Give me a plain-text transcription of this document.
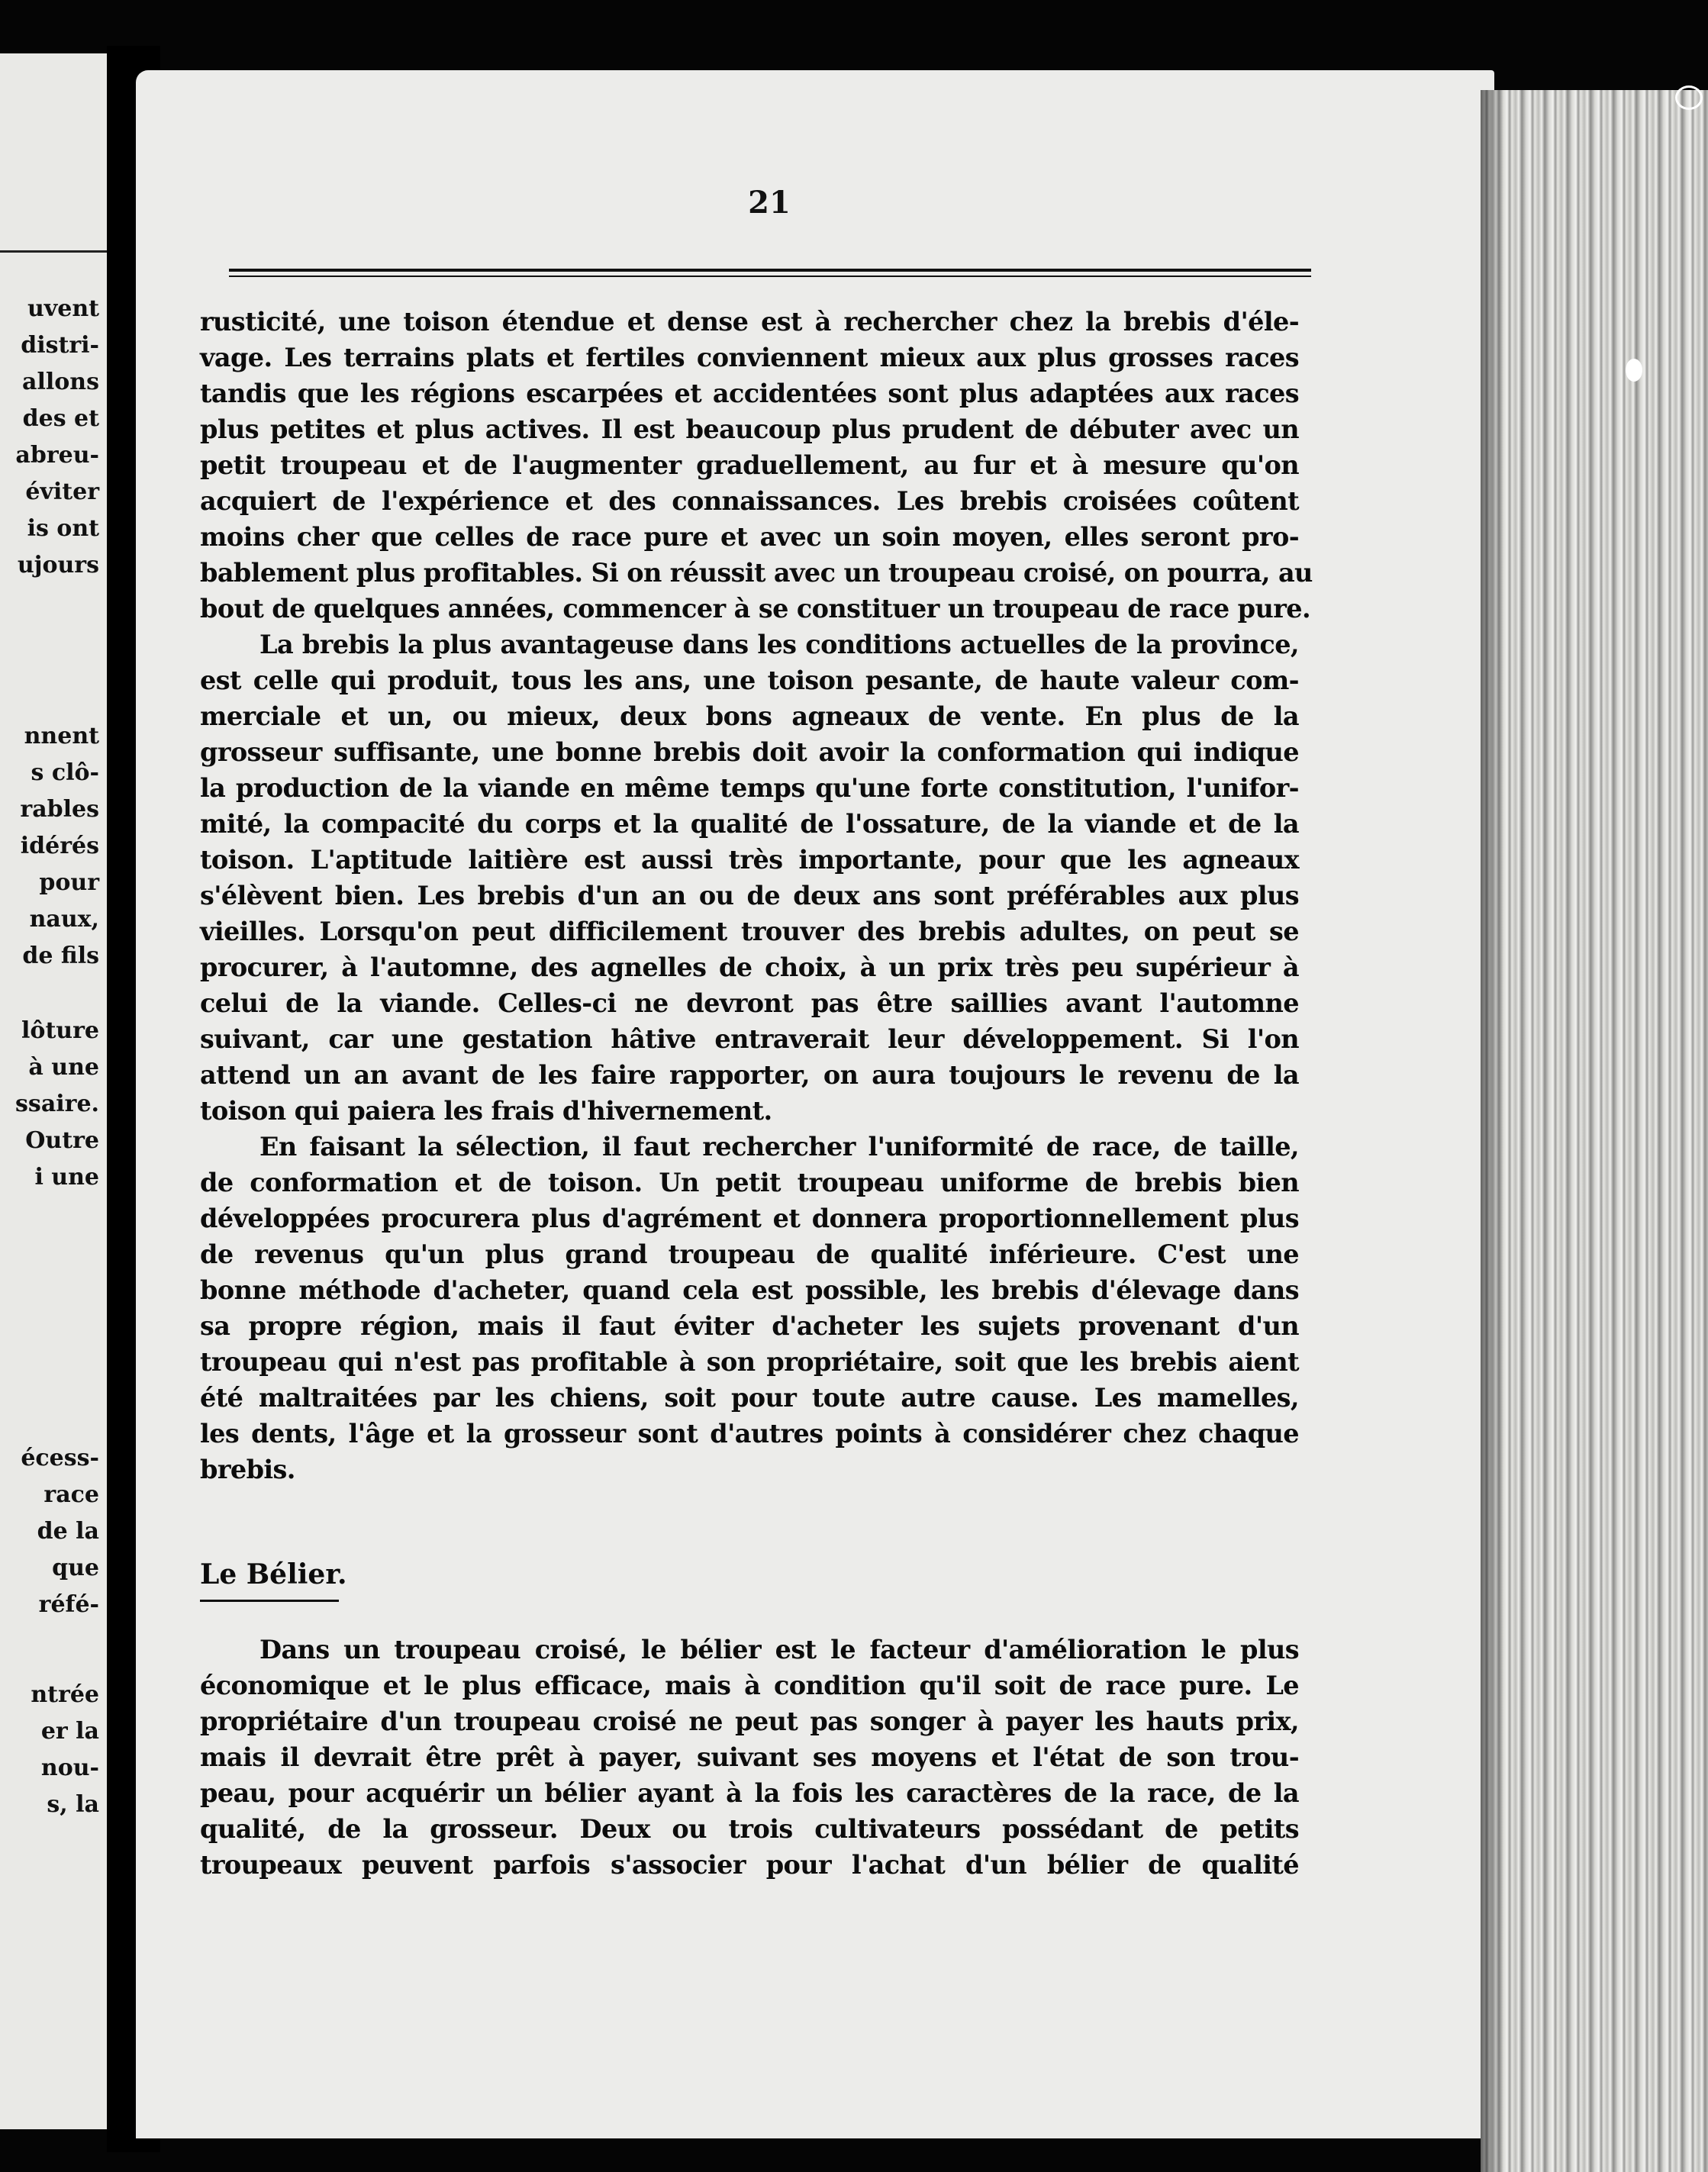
uvent
distri-
allons
des et
abreu-
éviter
is ont
ujours
nnent
s clô-
rables
idérés
pour
naux,
de fils
lôture
à une
ssaire.
Outre
i une
écess-
race
de la
que
réfé-
ntrée
er la
nou-
s, la
21
rusticité, une toison étendue et dense est à rechercher chez la brebis d'éle-
vage. Les terrains plats et fertiles conviennent mieux aux plus grosses races
tandis que les régions escarpées et accidentées sont plus adaptées aux races
plus petites et plus actives. Il est beaucoup plus prudent de débuter avec un
petit troupeau et de l'augmenter graduellement, au fur et à mesure qu'on
acquiert de l'expérience et des connaissances. Les brebis croisées coûtent
moins cher que celles de race pure et avec un soin moyen, elles seront pro-
bablement plus profitables. Si on réussit avec un troupeau croisé, on pourra, au
bout de quelques années, commencer à se constituer un troupeau de race pure.
La brebis la plus avantageuse dans les conditions actuelles de la province,
est celle qui produit, tous les ans, une toison pesante, de haute valeur com-
merciale et un, ou mieux, deux bons agneaux de vente. En plus de la
grosseur suffisante, une bonne brebis doit avoir la conformation qui indique
la production de la viande en même temps qu'une forte constitution, l'unifor-
mité, la compacité du corps et la qualité de l'ossature, de la viande et de la
toison. L'aptitude laitière est aussi très importante, pour que les agneaux
s'élèvent bien. Les brebis d'un an ou de deux ans sont préférables aux plus
vieilles. Lorsqu'on peut difficilement trouver des brebis adultes, on peut se
procurer, à l'automne, des agnelles de choix, à un prix très peu supérieur à
celui de la viande. Celles-ci ne devront pas être saillies avant l'automne
suivant, car une gestation hâtive entraverait leur développement. Si l'on
attend un an avant de les faire rapporter, on aura toujours le revenu de la
toison qui paiera les frais d'hivernement.
En faisant la sélection, il faut rechercher l'uniformité de race, de taille,
de conformation et de toison. Un petit troupeau uniforme de brebis bien
développées procurera plus d'agrément et donnera proportionnellement plus
de revenus qu'un plus grand troupeau de qualité inférieure. C'est une
bonne méthode d'acheter, quand cela est possible, les brebis d'élevage dans
sa propre région, mais il faut éviter d'acheter les sujets provenant d'un
troupeau qui n'est pas profitable à son propriétaire, soit que les brebis aient
été maltraitées par les chiens, soit pour toute autre cause. Les mamelles,
les dents, l'âge et la grosseur sont d'autres points à considérer chez chaque
brebis.
Le Bélier.
Dans un troupeau croisé, le bélier est le facteur d'amélioration le plus
économique et le plus efficace, mais à condition qu'il soit de race pure. Le
propriétaire d'un troupeau croisé ne peut pas songer à payer les hauts prix,
mais il devrait être prêt à payer, suivant ses moyens et l'état de son trou-
peau, pour acquérir un bélier ayant à la fois les caractères de la race, de la
qualité, de la grosseur. Deux ou trois cultivateurs possédant de petits
troupeaux peuvent parfois s'associer pour l'achat d'un bélier de qualité
